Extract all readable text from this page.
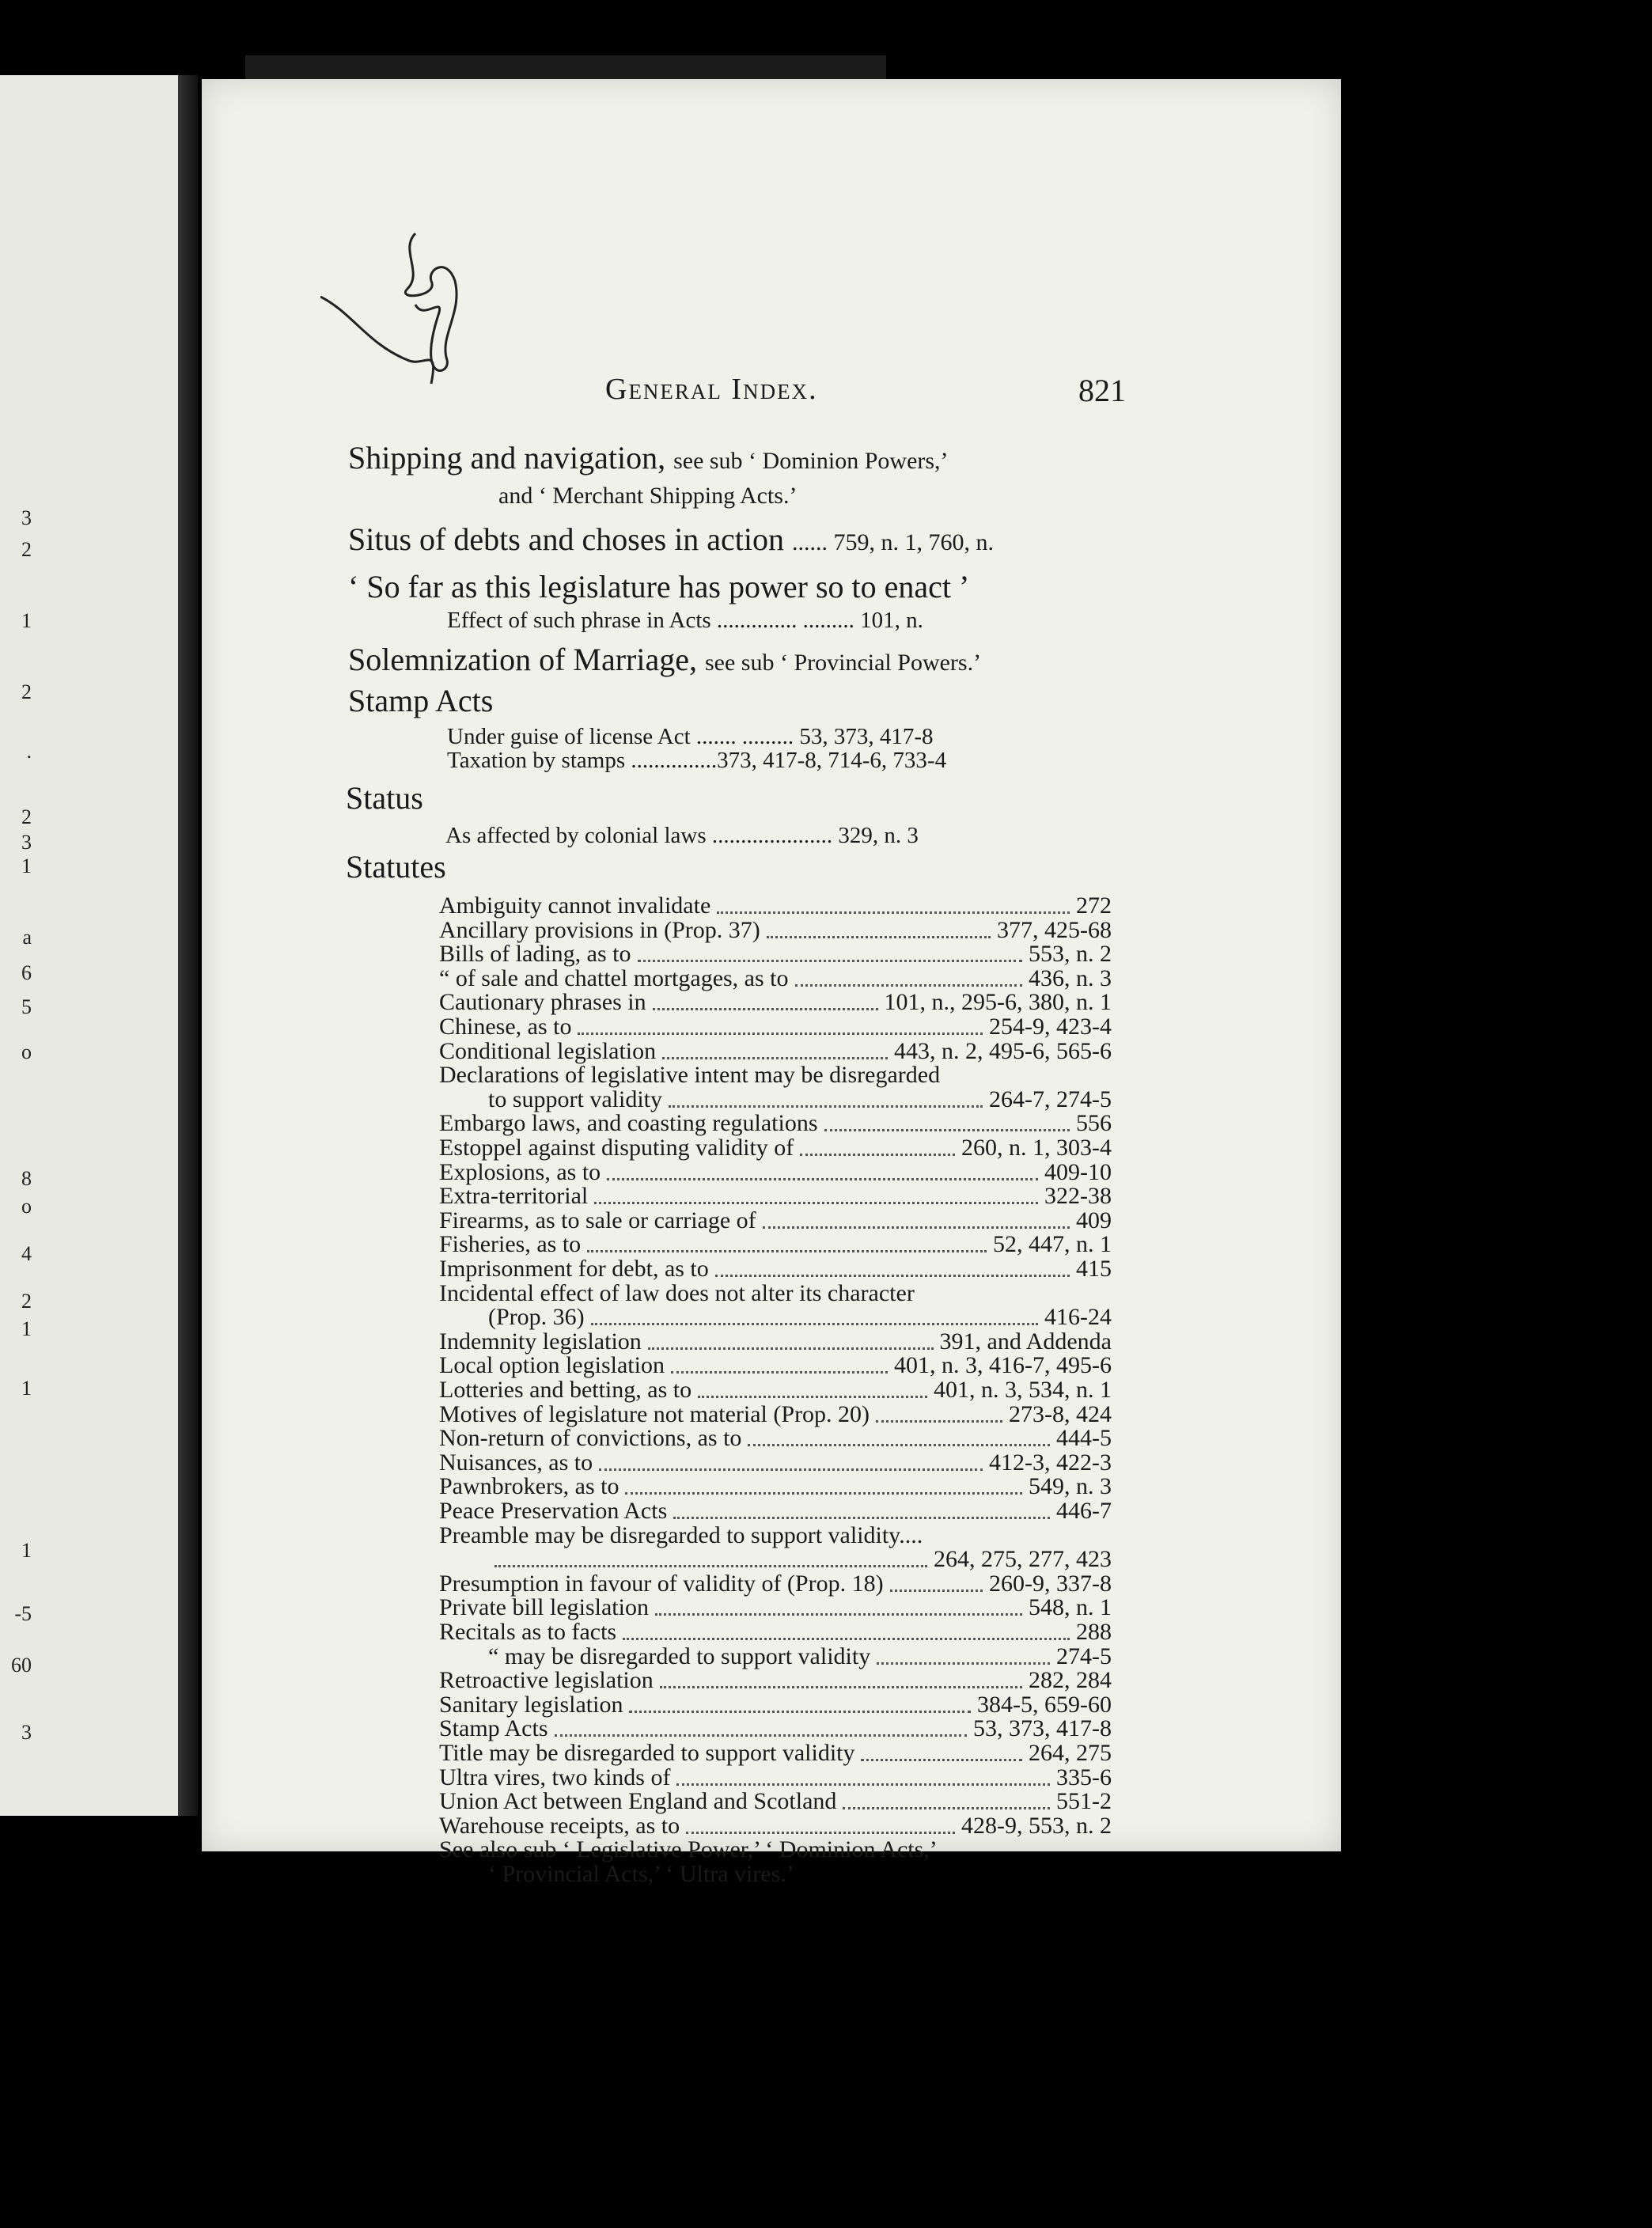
3
2
1
2
.
2
3
1
a
6
5
o
8
o
4
2
1
1
1
-5
60
3
General Index.	821
Shipping and navigation, see sub ‘ Dominion Powers,’
and ‘ Merchant Shipping Acts.’
Situs of debts and choses in action ...... 759, n. 1, 760, n.
‘ So far as this legislature has power so to enact ’
Effect of such phrase in Acts .............. ......... 101, n.
Solemnization of Marriage, see sub ‘ Provincial Powers.’
Stamp Acts
Under guise of license Act ....... ......... 53, 373, 417-8
Taxation by stamps ...............373, 417-8, 714-6, 733-4
Status
As affected by colonial laws ..................... 329, n. 3
Statutes
Ambiguity cannot invalidate	272
Ancillary provisions in (Prop. 37)	377, 425-68
Bills of lading, as to	553, n. 2
“ of sale and chattel mortgages, as to	436, n. 3
Cautionary phrases in	101, n., 295-6, 380, n. 1
Chinese, as to	254-9, 423-4
Conditional legislation	443, n. 2, 495-6, 565-6
Declarations of legislative intent may be disregarded
to support validity	264-7, 274-5
Embargo laws, and coasting regulations	556
Estoppel against disputing validity of	260, n. 1, 303-4
Explosions, as to	409-10
Extra-territorial	322-38
Firearms, as to sale or carriage of	409
Fisheries, as to	52, 447, n. 1
Imprisonment for debt, as to	415
Incidental effect of law does not alter its character
(Prop. 36)	416-24
Indemnity legislation	391, and Addenda
Local option legislation	401, n. 3, 416-7, 495-6
Lotteries and betting, as to	401, n. 3, 534, n. 1
Motives of legislature not material (Prop. 20)	273-8, 424
Non-return of convictions, as to	444-5
Nuisances, as to	412-3, 422-3
Pawnbrokers, as to	549, n. 3
Peace Preservation Acts	446-7
Preamble may be disregarded to support validity....
264, 275, 277, 423
Presumption in favour of validity of (Prop. 18)	260-9, 337-8
Private bill legislation	548, n. 1
Recitals as to facts	288
“ may be disregarded to support validity	274-5
Retroactive legislation	282, 284
Sanitary legislation	384-5, 659-60
Stamp Acts	53, 373, 417-8
Title may be disregarded to support validity	264, 275
Ultra vires, two kinds of	335-6
Union Act between England and Scotland	551-2
Warehouse receipts, as to	428-9, 553, n. 2
See also sub ‘ Legislative Power,’ ‘ Dominion Acts,’
‘ Provincial Acts,’ ‘ Ultra vires.’
